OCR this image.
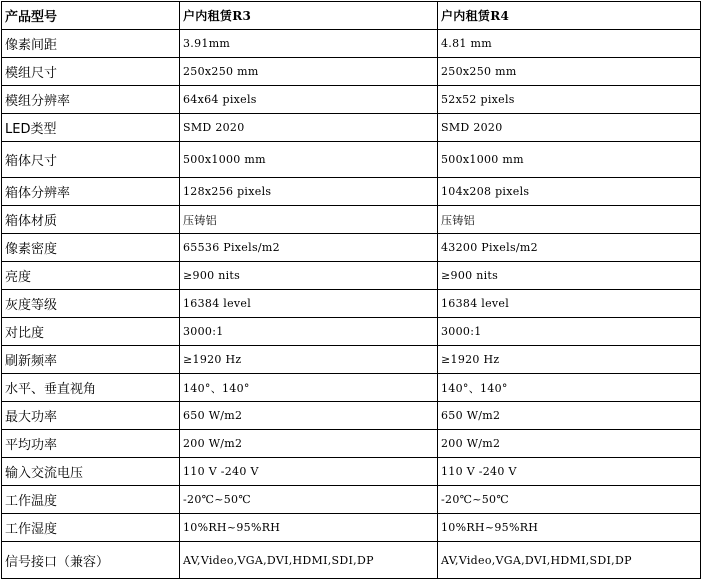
产品型号	户内租赁R3	户内租赁R4
像素间距	3.91mm	4.81 mm
模组尺寸	250x250 mm	250x250 mm
模组分辨率	64x64 pixels	52x52 pixels
LED类型	SMD 2020	SMD 2020
箱体尺寸	500x1000 mm	500x1000 mm
箱体分辨率	128x256 pixels	104x208 pixels
箱体材质	压铸铝	压铸铝
像素密度	65536 Pixels/m2	43200 Pixels/m2
亮度	≥900 nits	≥900 nits
灰度等级	16384 level	16384 level
对比度	3000:1	3000:1
刷新频率	≥1920 Hz	≥1920 Hz
水平、垂直视角	140°、140°	140°、140°
最大功率	650 W/m2	650 W/m2
平均功率	200 W/m2	200 W/m2
输入交流电压	110 V -240 V	110 V -240 V
工作温度	-20℃~50℃	-20℃~50℃
工作湿度	10%RH~95%RH	10%RH~95%RH
信号接口（兼容）	AV,Video,VGA,DVI,HDMI,SDI,DP	AV,Video,VGA,DVI,HDMI,SDI,DP
